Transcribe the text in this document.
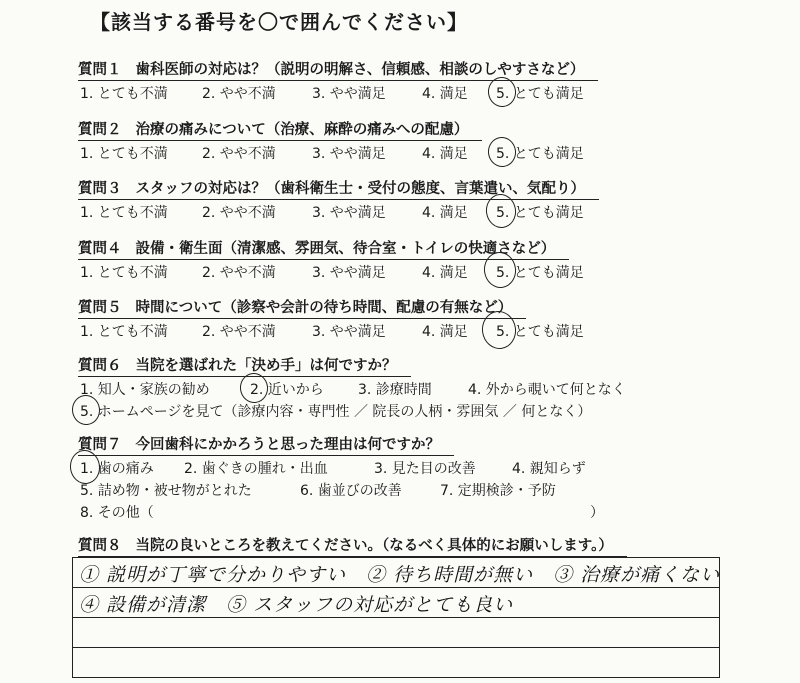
【該当する番号を〇で囲んでください】
質問１ 歯科医師の対応は？（説明の明解さ、信頼感、相談のしやすさなど）
1. とても不満 2. やや不満	3. やや満足	4. 満足 5. とても満足
質問２ 治療の痛みについて（治療、麻酔の痛みへの配慮）
1. とても不満 2. やや不満	3. やや満足	4. 満足 5. とても満足
質問３ スタッフの対応は？（歯科衛生士・受付の態度、言葉遣い、気配り）
1. とても不満 2. やや不満	3. やや満足	4. 満足 5. とても満足
質問４ 設備・衛生面（清潔感、雰囲気、待合室・トイレの快適さなど）
1. とても不満 2. やや不満	3. やや満足	4. 満足 5. とても満足
質問５ 時間について（診察や会計の待ち時間、配慮の有無など）
1. とても不満 2. やや不満	3. やや満足	4. 満足 5. とても満足
質問６ 当院を選ばれた「決め手」は何ですか？
1. 知人・家族の勧め	2. 近いから 3. 診療時間	4. 外から覗いて何となく
5. ホームページを見て（診療内容・専門性 ／ 院長の人柄・雰囲気 ／ 何となく）
質問７ 今回歯科にかかろうと思った理由は何ですか？
1. 歯の痛み 2. 歯ぐきの腫れ・出血	3. 見た目の改善	4. 親知らず
5. 詰め物・被せ物がとれた	6. 歯並びの改善	7. 定期検診・予防
8. その他（	）
質問８ 当院の良いところを教えてください。（なるべく具体的にお願いします。）
① 説明が丁寧で分かりやすい　② 待ち時間が無い　③ 治療が痛くない
④ 設備が清潔　⑤ スタッフの対応がとても良い
